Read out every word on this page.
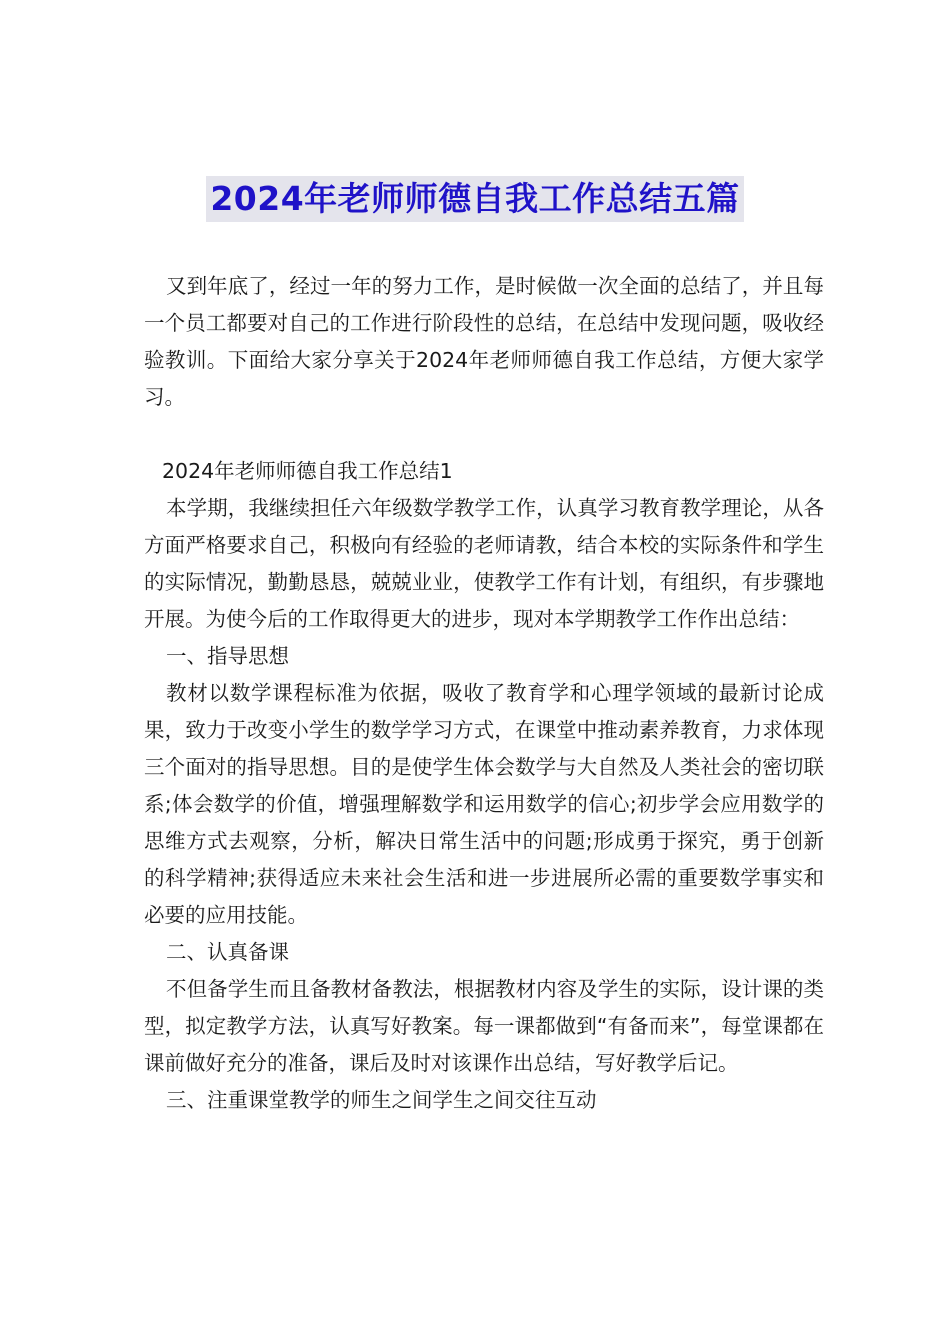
2024年老师师德自我工作总结五篇

又到年底了，经过一年的努力工作，是时候做一次全面的总结了，并且每一个员工都要对自己的工作进行阶段性的总结，在总结中发现问题，吸收经验教训。下面给大家分享关于2024年老师师德自我工作总结，方便大家学习。

2024年老师师德自我工作总结1

本学期，我继续担任六年级数学教学工作，认真学习教育教学理论，从各方面严格要求自己，积极向有经验的老师请教，结合本校的实际条件和学生的实际情况，勤勤恳恳，兢兢业业，使教学工作有计划，有组织，有步骤地开展。为使今后的工作取得更大的进步，现对本学期教学工作作出总结：

一、指导思想

教材以数学课程标准为依据，吸收了教育学和心理学领域的最新讨论成果，致力于改变小学生的数学学习方式，在课堂中推动素养教育，力求体现三个面对的指导思想。目的是使学生体会数学与大自然及人类社会的密切联系;体会数学的价值，增强理解数学和运用数学的信心;初步学会应用数学的思维方式去观察，分析，解决日常生活中的问题;形成勇于探究，勇于创新的科学精神;获得适应未来社会生活和进一步进展所必需的重要数学事实和必要的应用技能。

二、认真备课

不但备学生而且备教材备教法，根据教材内容及学生的实际，设计课的类型，拟定教学方法，认真写好教案。每一课都做到“有备而来”，每堂课都在课前做好充分的准备，课后及时对该课作出总结，写好教学后记。

三、注重课堂教学的师生之间学生之间交往互动
